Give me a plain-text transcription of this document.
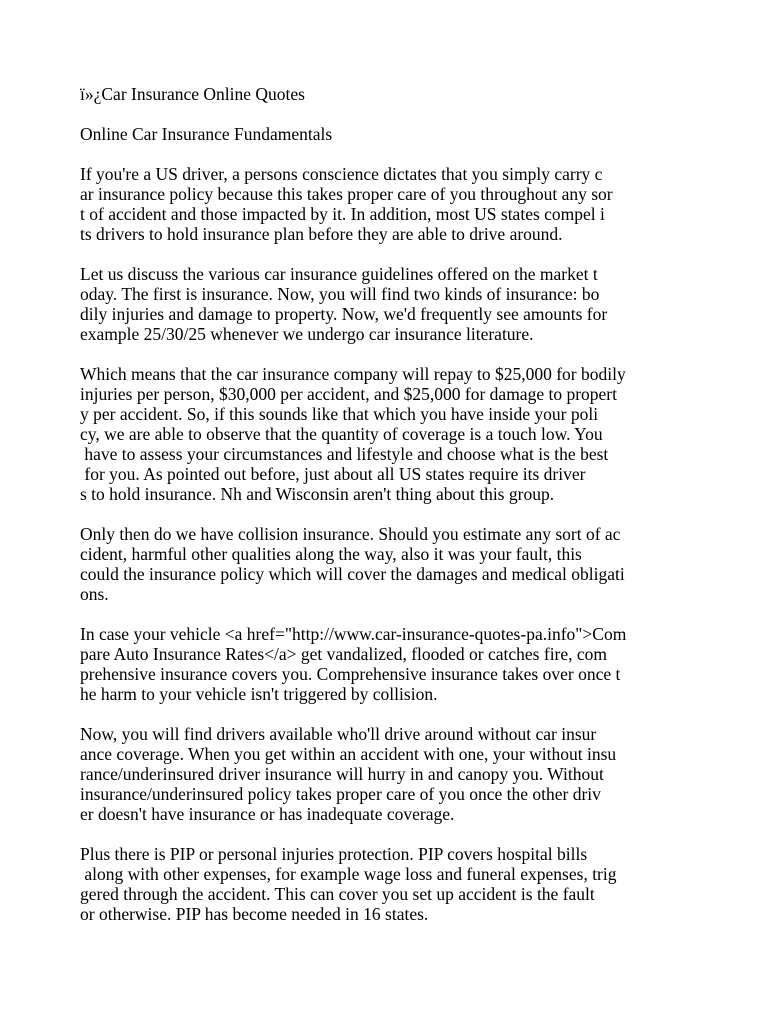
ï»¿Car Insurance Online Quotes
Online Car Insurance Fundamentals
If you're a US driver, a persons conscience dictates that you simply carry c
ar insurance policy because this takes proper care of you throughout any sor
t of accident and those impacted by it. In addition, most US states compel i
ts drivers to hold insurance plan before they are able to drive around.
Let us discuss the various car insurance guidelines offered on the market t
oday. The first is insurance. Now, you will find two kinds of insurance: bo
dily injuries and damage to property. Now, we'd frequently see amounts for
example 25/30/25 whenever we undergo car insurance literature.
Which means that the car insurance company will repay to $25,000 for bodily
injuries per person, $30,000 per accident, and $25,000 for damage to propert
y per accident. So, if this sounds like that which you have inside your poli
cy, we are able to observe that the quantity of coverage is a touch low. You
have to assess your circumstances and lifestyle and choose what is the best
for you. As pointed out before, just about all US states require its driver
s to hold insurance. Nh and Wisconsin aren't thing about this group.
Only then do we have collision insurance. Should you estimate any sort of ac
cident, harmful other qualities along the way, also it was your fault, this
could the insurance policy which will cover the damages and medical obligati
ons.
In case your vehicle <a href="http://www.car-insurance-quotes-pa.info">Com
pare Auto Insurance Rates</a> get vandalized, flooded or catches fire, com
prehensive insurance covers you. Comprehensive insurance takes over once t
he harm to your vehicle isn't triggered by collision.
Now, you will find drivers available who'll drive around without car insur
ance coverage. When you get within an accident with one, your without insu
rance/underinsured driver insurance will hurry in and canopy you. Without
insurance/underinsured policy takes proper care of you once the other driv
er doesn't have insurance or has inadequate coverage.
Plus there is PIP or personal injuries protection. PIP covers hospital bills
along with other expenses, for example wage loss and funeral expenses, trig
gered through the accident. This can cover you set up accident is the fault
or otherwise. PIP has become needed in 16 states.
